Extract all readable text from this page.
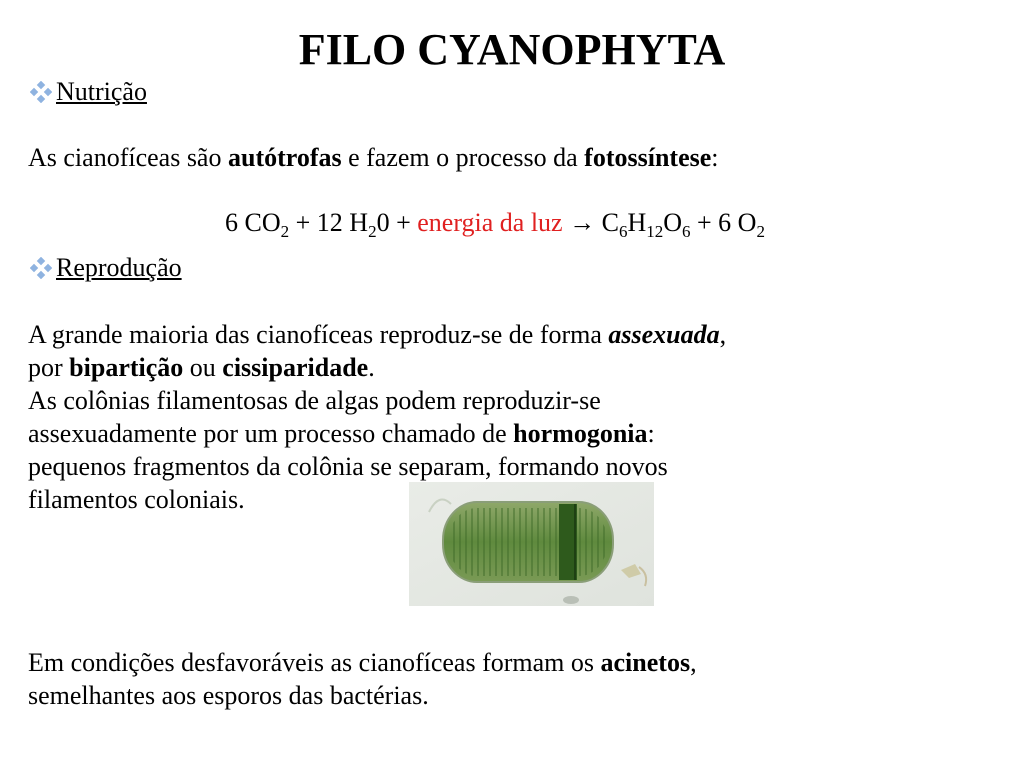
FILO CYANOPHYTA
Nutrição
As cianofíceas são autótrofas e fazem o processo da fotossíntese:
6 $CO_2 + 12$ $H_20$ + energia da luz → $C_6H_{12}O_6 + 6$ $O_2$
Reprodução
A grande maioria das cianofíceas reproduz-se de forma assexuada,
por bipartição ou cissiparidade.
As colônias filamentosas de algas podem reproduzir-se
assexuadamente por um processo chamado de hormogonia:
pequenos fragmentos da colônia se separam, formando novos
filamentos coloniais.
Em condições desfavoráveis as cianofíceas formam os acinetos,
semelhantes aos esporos das bactérias.
